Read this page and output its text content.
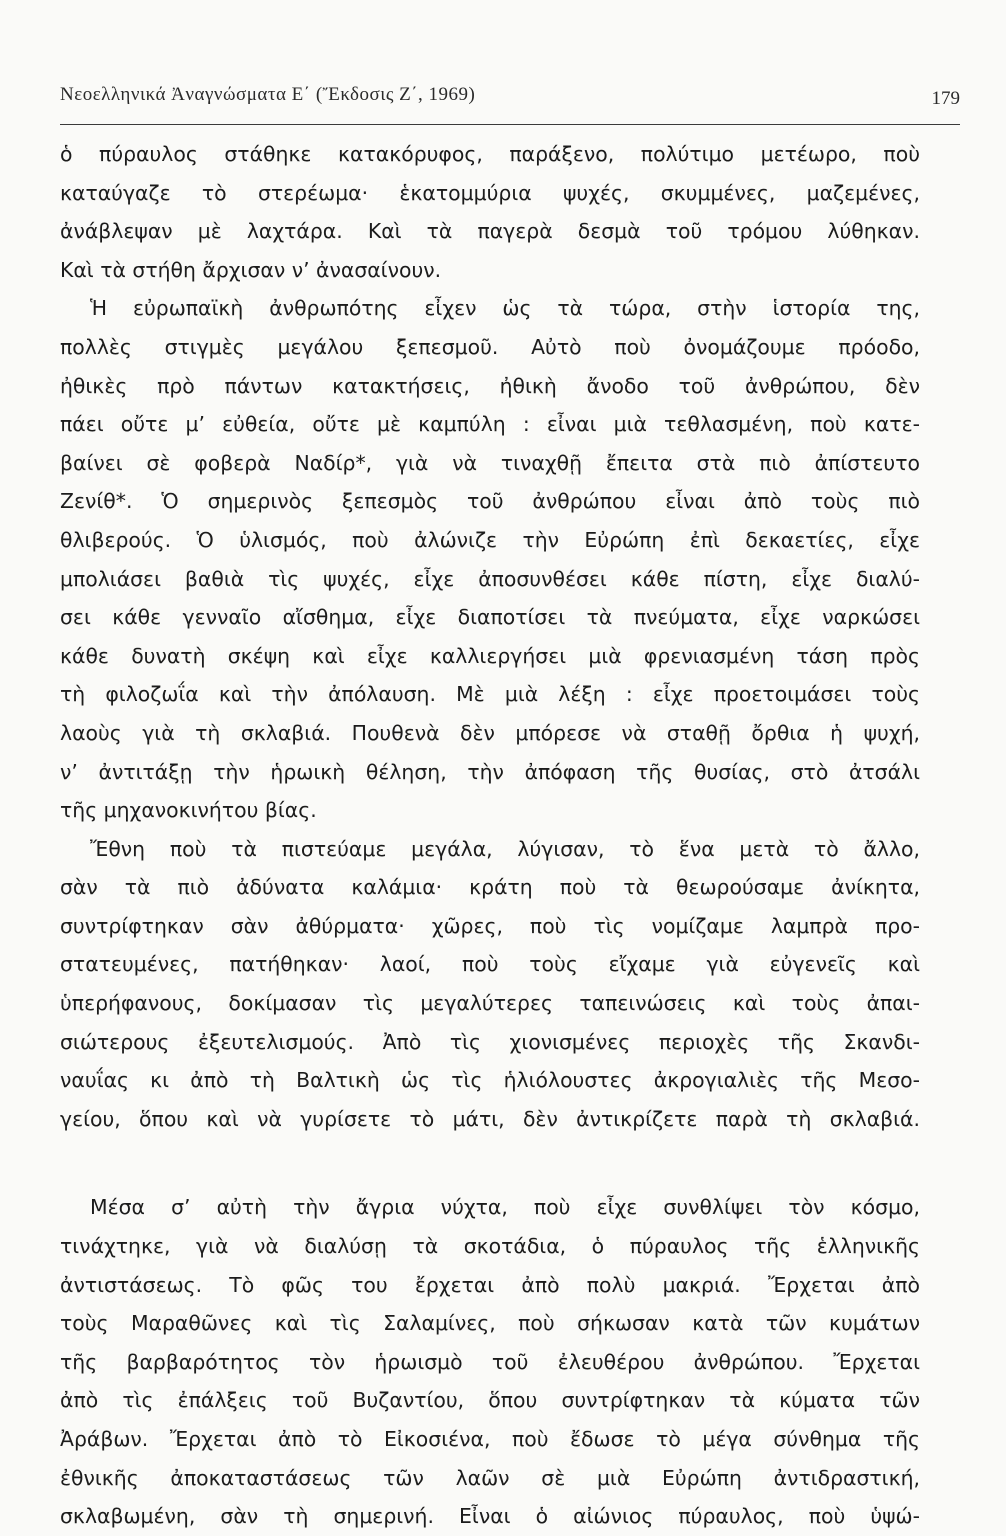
Νεοελληνικά Ἀναγνώσματα Ε΄ (Ἔκδοσις Ζ΄, 1969)	179
ὁ πύραυλος στάθηκε κατακόρυφος, παράξενο, πολύτιμο μετέωρο, ποὺ
καταύγαζε τὸ στερέωμα· ἑκατομμύρια ψυχές, σκυμμένες, μαζεμένες,
ἀνάβλεψαν μὲ λαχτάρα. Καὶ τὰ παγερὰ δεσμὰ τοῦ τρόμου λύθηκαν.
Καὶ τὰ στήθη ἄρχισαν ν’ ἀνασαίνουν.
Ἡ εὐρωπαϊκὴ ἀνθρωπότης εἶχεν ὡς τὰ τώρα, στὴν ἱστορία της,
πολλὲς στιγμὲς μεγάλου ξεπεσμοῦ. Αὐτὸ ποὺ ὀνομάζουμε πρόοδο,
ἠθικὲς πρὸ πάντων κατακτήσεις, ἠθικὴ ἄνοδο τοῦ ἀνθρώπου, δὲν
πάει οὔτε μ’ εὐθεία, οὔτε μὲ καμπύλη : εἶναι μιὰ τεθλασμένη, ποὺ κατε-
βαίνει σὲ φοβερὰ Ναδίρ*, γιὰ νὰ τιναχθῇ ἔπειτα στὰ πιὸ ἀπίστευτο
Ζενίθ*. Ὁ σημερινὸς ξεπεσμὸς τοῦ ἀνθρώπου εἶναι ἀπὸ τοὺς πιὸ
θλιβερούς. Ὁ ὑλισμός, ποὺ ἀλώνιζε τὴν Εὐρώπη ἐπὶ δεκαετίες, εἶχε
μπολιάσει βαθιὰ τὶς ψυχές, εἶχε ἀποσυνθέσει κάθε πίστη, εἶχε διαλύ-
σει κάθε γενναῖο αἴσθημα, εἶχε διαποτίσει τὰ πνεύματα, εἶχε ναρκώσει
κάθε δυνατὴ σκέψη καὶ εἶχε καλλιεργήσει μιὰ φρενιασμένη τάση πρὸς
τὴ φιλοζωΐα καὶ τὴν ἀπόλαυση. Μὲ μιὰ λέξη : εἶχε προετοιμάσει τοὺς
λαοὺς γιὰ τὴ σκλαβιά. Πουθενὰ δὲν μπόρεσε νὰ σταθῇ ὄρθια ἡ ψυχή,
ν’ ἀντιτάξῃ τὴν ἡρωικὴ θέληση, τὴν ἀπόφαση τῆς θυσίας, στὸ ἀτσάλι
τῆς μηχανοκινήτου βίας.
Ἔθνη ποὺ τὰ πιστεύαμε μεγάλα, λύγισαν, τὸ ἕνα μετὰ τὸ ἄλλο,
σὰν τὰ πιὸ ἀδύνατα καλάμια· κράτη ποὺ τὰ θεωρούσαμε ἀνίκητα,
συντρίφτηκαν σὰν ἀθύρματα· χῶρες, ποὺ τὶς νομίζαμε λαμπρὰ προ-
στατευμένες, πατήθηκαν· λαοί, ποὺ τοὺς εἴχαμε γιὰ εὐγενεῖς καὶ
ὑπερήφανους, δοκίμασαν τὶς μεγαλύτερες ταπεινώσεις καὶ τοὺς ἀπαι-
σιώτερους ἐξευτελισμούς. Ἀπὸ τὶς χιονισμένες περιοχὲς τῆς Σκανδι-
ναυΐας κι ἀπὸ τὴ Βαλτικὴ ὡς τὶς ἡλιόλουστες ἀκρογιαλιὲς τῆς Μεσο-
γείου, ὅπου καὶ νὰ γυρίσετε τὸ μάτι, δὲν ἀντικρίζετε παρὰ τὴ σκλαβιά.
Μέσα σ’ αὐτὴ τὴν ἄγρια νύχτα, ποὺ εἶχε συνθλίψει τὸν κόσμο,
τινάχτηκε, γιὰ νὰ διαλύσῃ τὰ σκοτάδια, ὁ πύραυλος τῆς ἑλληνικῆς
ἀντιστάσεως. Τὸ φῶς του ἔρχεται ἀπὸ πολὺ μακριά. Ἔρχεται ἀπὸ
τοὺς Μαραθῶνες καὶ τὶς Σαλαμίνες, ποὺ σήκωσαν κατὰ τῶν κυμάτων
τῆς βαρβαρότητος τὸν ἡρωισμὸ τοῦ ἐλευθέρου ἀνθρώπου. Ἔρχεται
ἀπὸ τὶς ἐπάλξεις τοῦ Βυζαντίου, ὅπου συντρίφτηκαν τὰ κύματα τῶν
Ἀράβων. Ἔρχεται ἀπὸ τὸ Εἰκοσιένα, ποὺ ἔδωσε τὸ μέγα σύνθημα τῆς
ἐθνικῆς ἀποκαταστάσεως τῶν λαῶν σὲ μιὰ Εὐρώπη ἀντιδραστική,
σκλαβωμένη, σὰν τὴ σημερινή. Εἶναι ὁ αἰώνιος πύραυλος, ποὺ ὑψώ-
